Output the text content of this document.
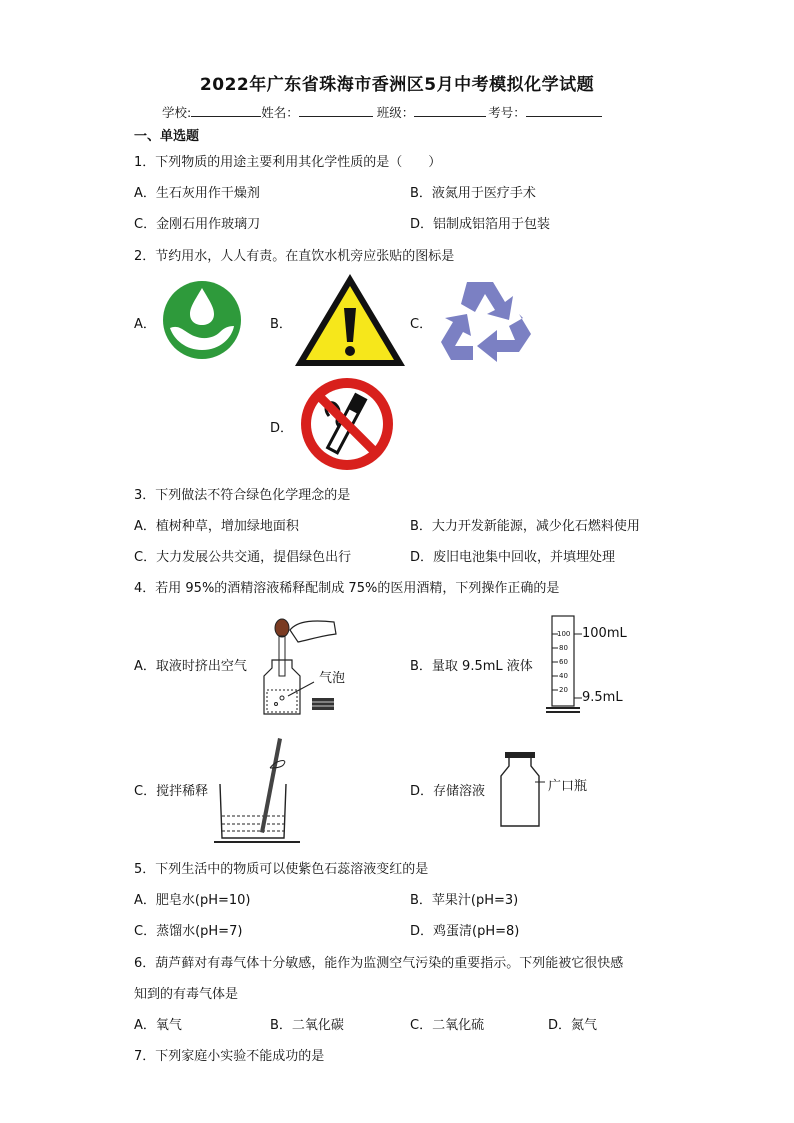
2022年广东省珠海市香洲区5月中考模拟化学试题
学校:	姓名：	班级：	考号：
一、单选题
1．下列物质的用途主要利用其化学性质的是（　　）
A．生石灰用作干燥剂	B．液氮用于医疗手术
C．金刚石用作玻璃刀	D．铝制成铝箔用于包装
2．节约用水，人人有责。在直饮水机旁应张贴的图标是
A．	B．	C．
D．
3．下列做法不符合绿色化学理念的是
A．植树种草，增加绿地面积	B．大力开发新能源，减少化石燃料使用
C．大力发展公共交通，提倡绿色出行	D．废旧电池集中回收，并填埋处理
4．若用 95%的酒精溶液稀释配制成 75%的医用酒精，下列操作正确的是
A．取液时挤出空气
气泡
B．量取 9.5mL 液体
100
80
60
40
20
100mL
9.5mL
C．搅拌稀释	D．存储溶液	广口瓶
5．下列生活中的物质可以使紫色石蕊溶液变红的是
A．肥皂水(pH=10)	B．苹果汁(pH=3)
C．蒸馏水(pH=7)	D．鸡蛋清(pH=8)
6．葫芦藓对有毒气体十分敏感，能作为监测空气污染的重要指示。下列能被它很快感
知到的有毒气体是
A．氧气	B．二氧化碳	C．二氧化硫	D．氮气
7．下列家庭小实验不能成功的是
